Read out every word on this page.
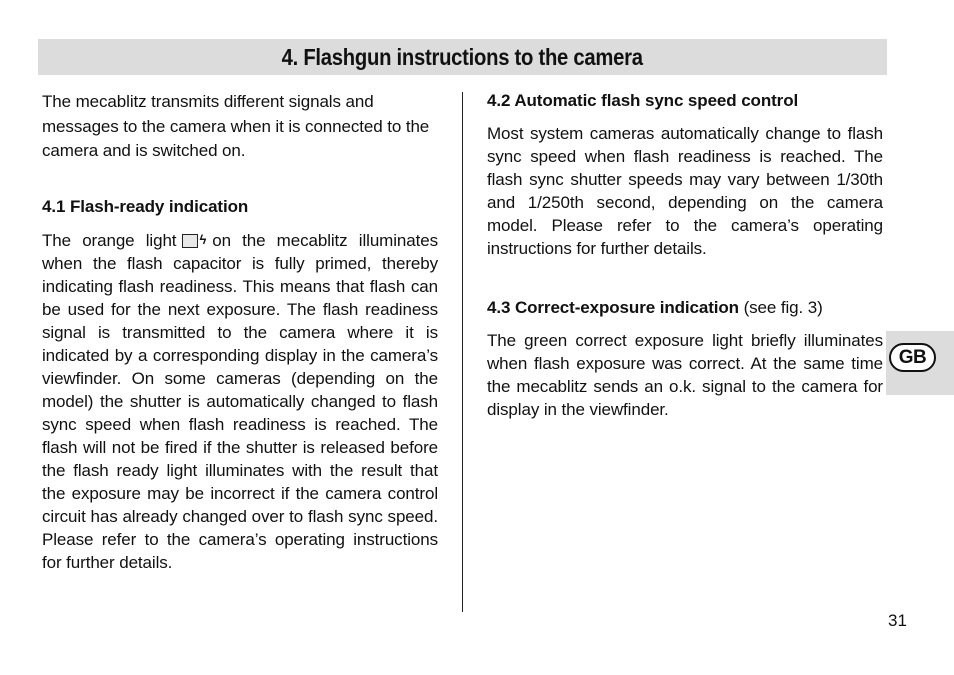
4. Flashgun instructions to the camera

The mecablitz transmits different signals and messages to the camera when it is connected to the camera and is switched on.

4.1 Flash-ready indication

The orange light ϟ on the mecablitz illuminates when the flash capacitor is fully primed, thereby indicating flash readiness. This means that flash can be used for the next exposure. The flash readiness signal is transmitted to the camera where it is indicated by a corresponding display in the camera’s viewfinder. On some cameras (depending on the model) the shutter is automatically changed to flash sync speed when flash readiness is reached. The flash will not be fired if the shutter is released before the flash ready light illuminates with the result that the exposure may be incorrect if the camera control circuit has already changed over to flash sync speed. Please refer to the camera’s operating instructions for further details.

4.2 Automatic flash sync speed control

Most system cameras automatically change to flash sync speed when flash readiness is reached. The flash sync shutter speeds may vary between 1/30th and 1/250th second, depending on the camera model. Please refer to the camera’s operating instructions for further details.

4.3 Correct-exposure indication (see fig. 3)

The green correct exposure light briefly illuminates when flash exposure was correct. At the same time the mecablitz sends an o.k. signal to the camera for display in the viewfinder.

GB
31
